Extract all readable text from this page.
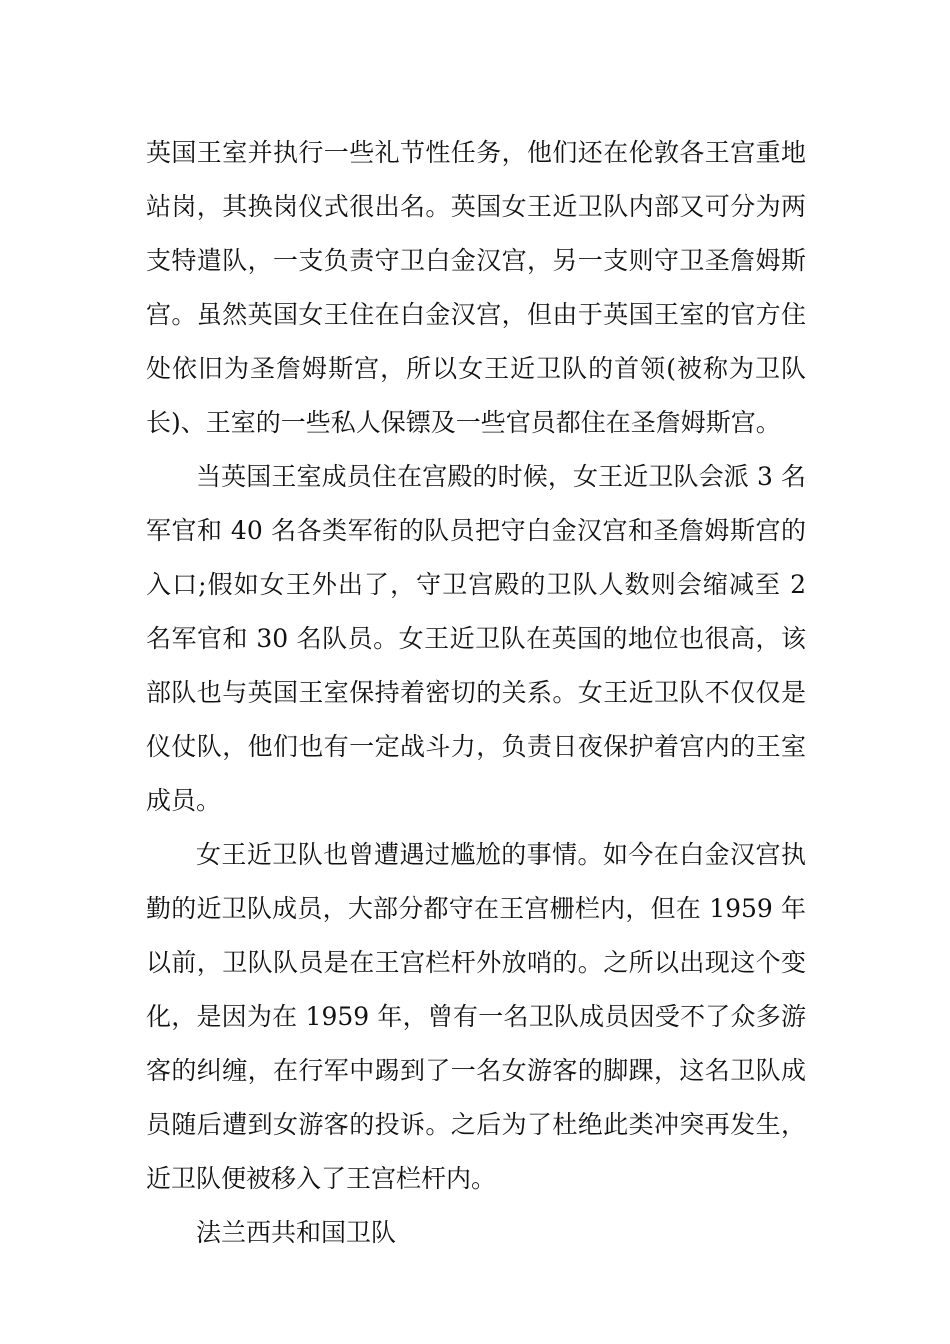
英国王室并执行一些礼节性任务，他们还在伦敦各王宫重地站岗，其换岗仪式很出名。英国女王近卫队内部又可分为两支特遣队，一支负责守卫白金汉宫，另一支则守卫圣詹姆斯宫。虽然英国女王住在白金汉宫，但由于英国王室的官方住处依旧为圣詹姆斯宫，所以女王近卫队的首领(被称为卫队长)、王室的一些私人保镖及一些官员都住在圣詹姆斯宫。

当英国王室成员住在宫殿的时候，女王近卫队会派 3 名军官和 40 名各类军衔的队员把守白金汉宫和圣詹姆斯宫的入口;假如女王外出了，守卫宫殿的卫队人数则会缩减至 2 名军官和 30 名队员。女王近卫队在英国的地位也很高，该部队也与英国王室保持着密切的关系。女王近卫队不仅仅是仪仗队，他们也有一定战斗力，负责日夜保护着宫内的王室成员。

女王近卫队也曾遭遇过尴尬的事情。如今在白金汉宫执勤的近卫队成员，大部分都守在王宫栅栏内，但在 1959 年以前，卫队队员是在王宫栏杆外放哨的。之所以出现这个变化，是因为在 1959 年，曾有一名卫队成员因受不了众多游客的纠缠，在行军中踢到了一名女游客的脚踝，这名卫队成员随后遭到女游客的投诉。之后为了杜绝此类冲突再发生，近卫队便被移入了王宫栏杆内。

法兰西共和国卫队
